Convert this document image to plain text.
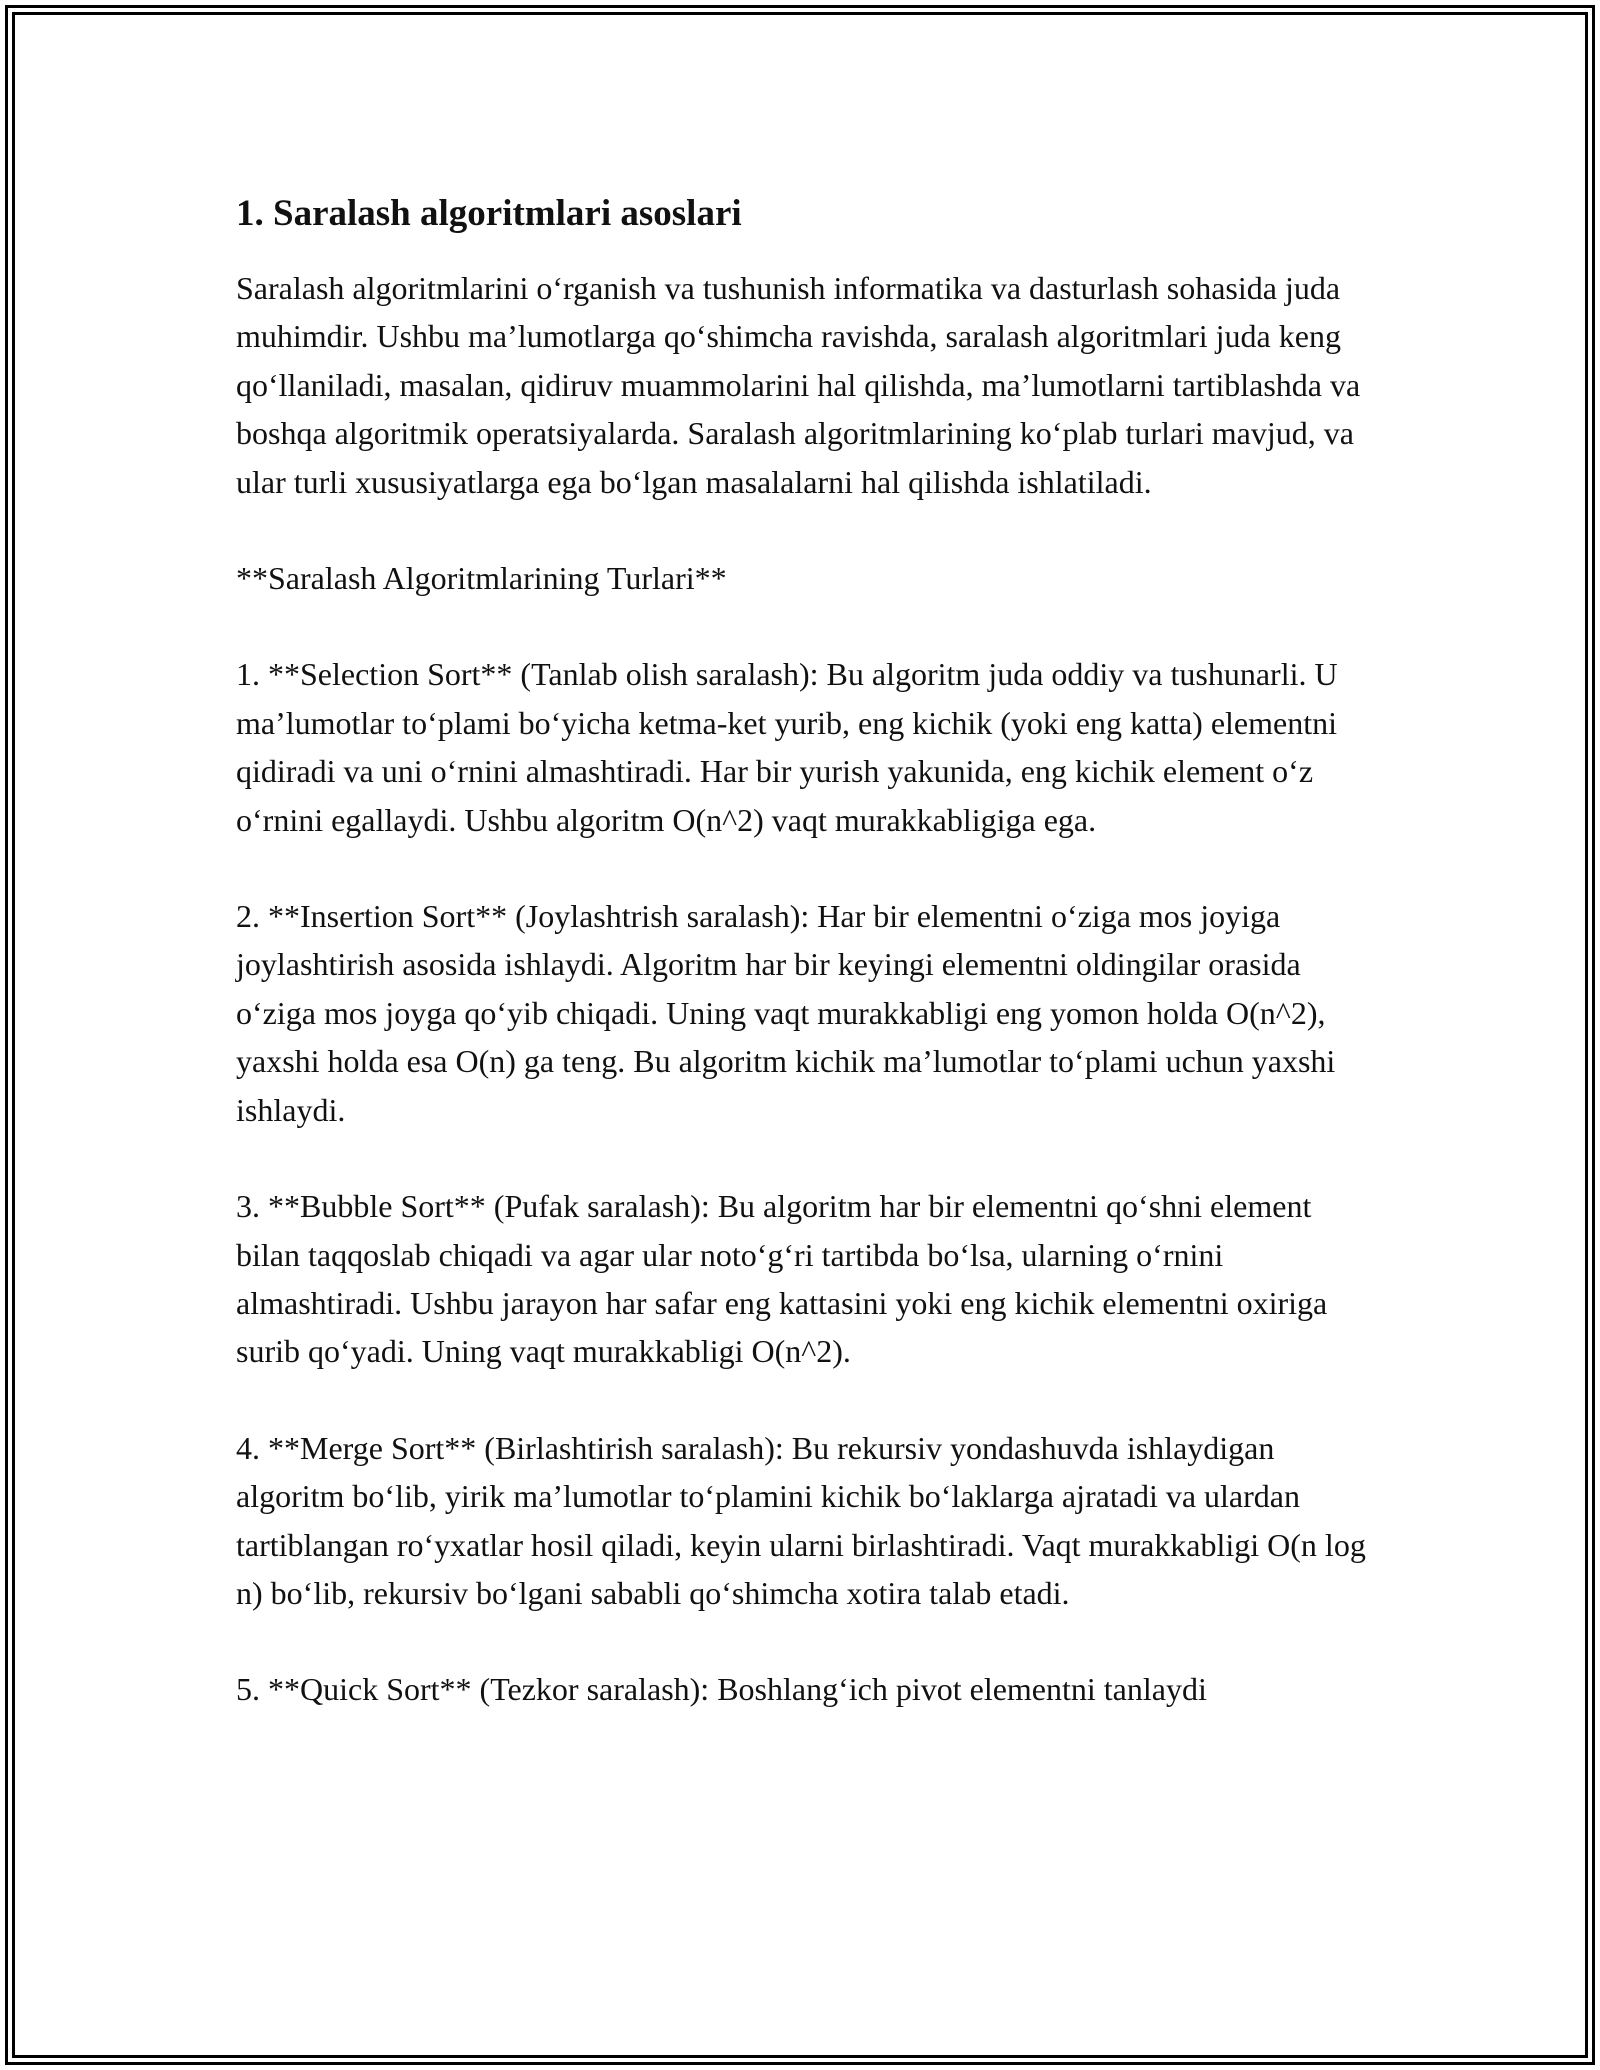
1. Saralash algoritmlari asoslari

Saralash algoritmlarini o‘rganish va tushunish informatika va dasturlash sohasida juda muhimdir. Ushbu ma’lumotlarga qo‘shimcha ravishda, saralash algoritmlari juda keng qo‘llaniladi, masalan, qidiruv muammolarini hal qilishda, ma’lumotlarni tartiblashda va boshqa algoritmik operatsiyalarda. Saralash algoritmlarining ko‘plab turlari mavjud, va ular turli xususiyatlarga ega bo‘lgan masalalarni hal qilishda ishlatiladi.

**Saralash Algoritmlarining Turlari**

1. **Selection Sort** (Tanlab olish saralash): Bu algoritm juda oddiy va tushunarli. U ma’lumotlar to‘plami bo‘yicha ketma-ket yurib, eng kichik (yoki eng katta) elementni qidiradi va uni o‘rnini almashtiradi. Har bir yurish yakunida, eng kichik element o‘z o‘rnini egallaydi. Ushbu algoritm O(n^2) vaqt murakkabligiga ega.

2. **Insertion Sort** (Joylashtrish saralash): Har bir elementni o‘ziga mos joyiga joylashtirish asosida ishlaydi. Algoritm har bir keyingi elementni oldingilar orasida o‘ziga mos joyga qo‘yib chiqadi. Uning vaqt murakkabligi eng yomon holda O(n^2), yaxshi holda esa O(n) ga teng. Bu algoritm kichik ma’lumotlar to‘plami uchun yaxshi ishlaydi.

3. **Bubble Sort** (Pufak saralash): Bu algoritm har bir elementni qo‘shni element bilan taqqoslab chiqadi va agar ular noto‘g‘ri tartibda bo‘lsa, ularning o‘rnini almashtiradi. Ushbu jarayon har safar eng kattasini yoki eng kichik elementni oxiriga surib qo‘yadi. Uning vaqt murakkabligi O(n^2).

4. **Merge Sort** (Birlashtirish saralash): Bu rekursiv yondashuvda ishlaydigan algoritm bo‘lib, yirik ma’lumotlar to‘plamini kichik bo‘laklarga ajratadi va ulardan tartiblangan ro‘yxatlar hosil qiladi, keyin ularni birlashtiradi. Vaqt murakkabligi O(n log n) bo‘lib, rekursiv bo‘lgani sababli qo‘shimcha xotira talab etadi.

5. **Quick Sort** (Tezkor saralash): Boshlang‘ich pivot elementni tanlaydi
